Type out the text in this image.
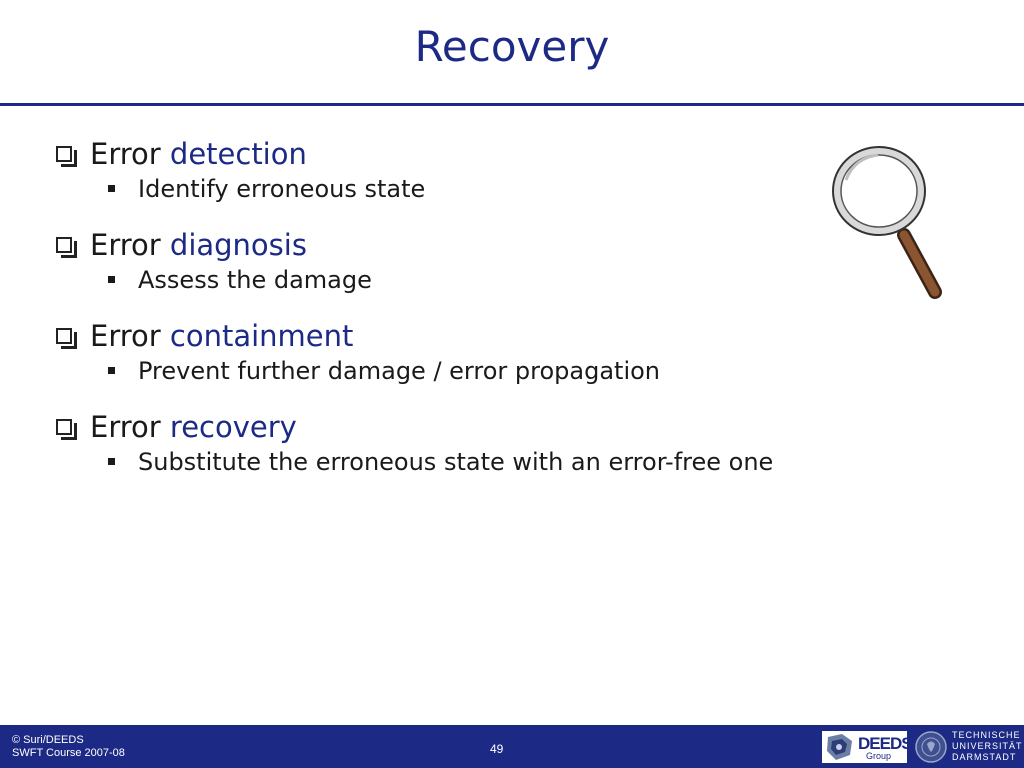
Recovery
Error detection
Identify erroneous state
Error diagnosis
Assess the damage
Error containment
Prevent further damage / error propagation
Error recovery
Substitute the erroneous state with an error-free one
© Suri/DEEDS
SWFT Course 2007-08	49	DEEDS
Group
TECHNISCHE
UNIVERSITÄT
DARMSTADT
